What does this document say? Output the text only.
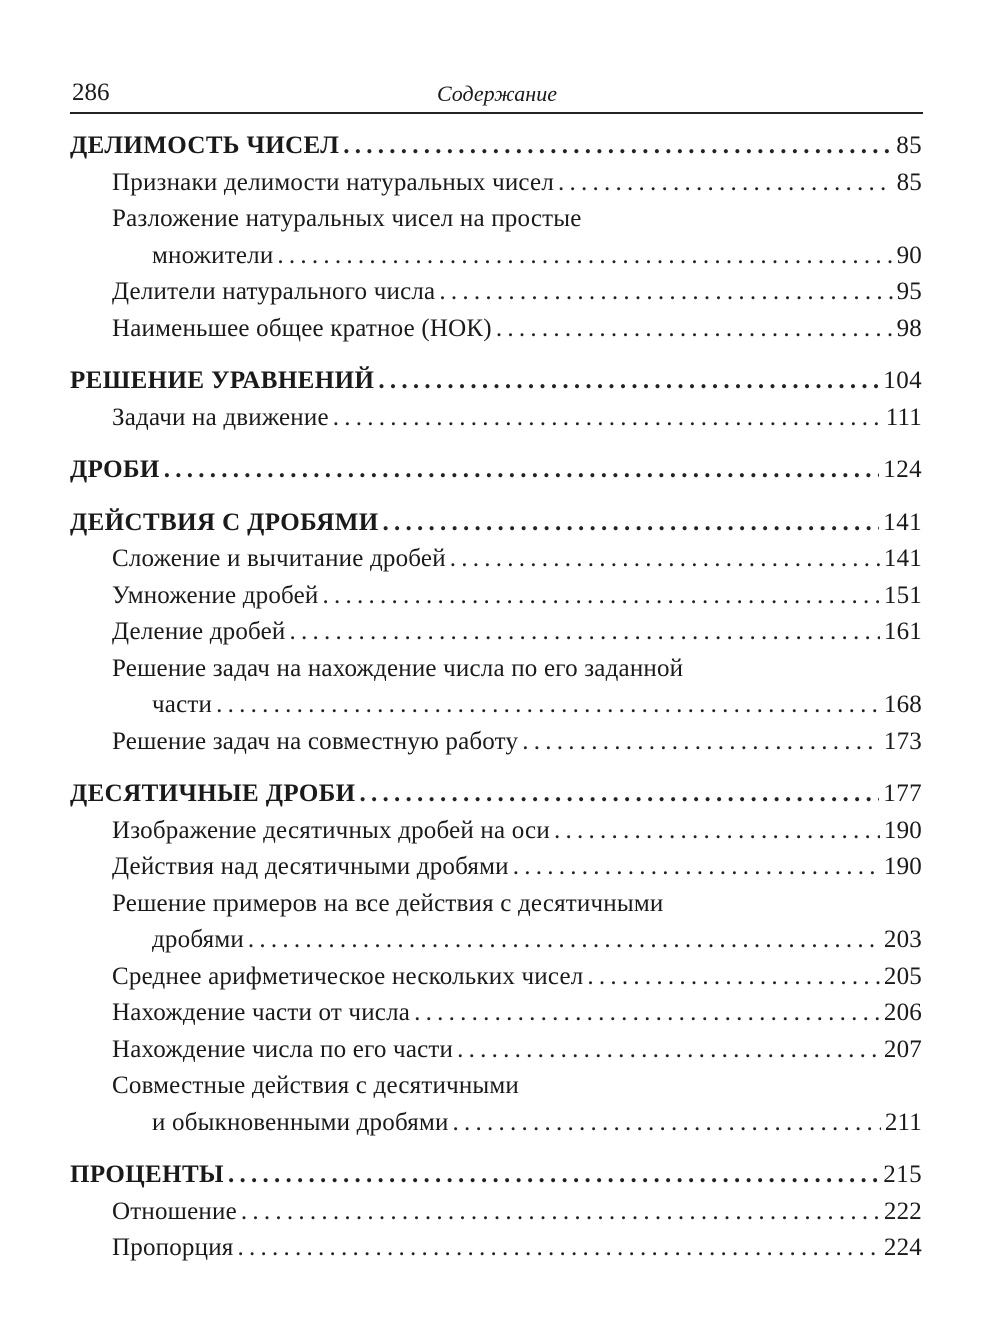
286	Содержание
ДЕЛИМОСТЬ ЧИСЕЛ . . .	85
Признаки делимости натуральных чисел . . .	85
Разложение натуральных чисел на простые
множители . . .	90
Делители натурального числа . . .	95
Наименьшее общее кратное (НОК) . . .	98
РЕШЕНИЕ УРАВНЕНИЙ . . .	104
Задачи на движение . . .	111
ДРОБИ . . .	124
ДЕЙСТВИЯ С ДРОБЯМИ . . .	141
Сложение и вычитание дробей . . .	141
Умножение дробей . . .	151
Деление дробей . . .	161
Решение задач на нахождение числа по его заданной
части . . .	168
Решение задач на совместную работу . . .	173
ДЕСЯТИЧНЫЕ ДРОБИ . . .	177
Изображение десятичных дробей на оси . . .	190
Действия над десятичными дробями . . .	190
Решение примеров на все действия с десятичными
дробями . . .	203
Среднее арифметическое нескольких чисел . . .	205
Нахождение части от числа . . .	206
Нахождение числа по его части . . .	207
Совместные действия с десятичными
и обыкновенными дробями . . .	211
ПРОЦЕНТЫ . . .	215
Отношение . . .	222
Пропорция . . .	224
